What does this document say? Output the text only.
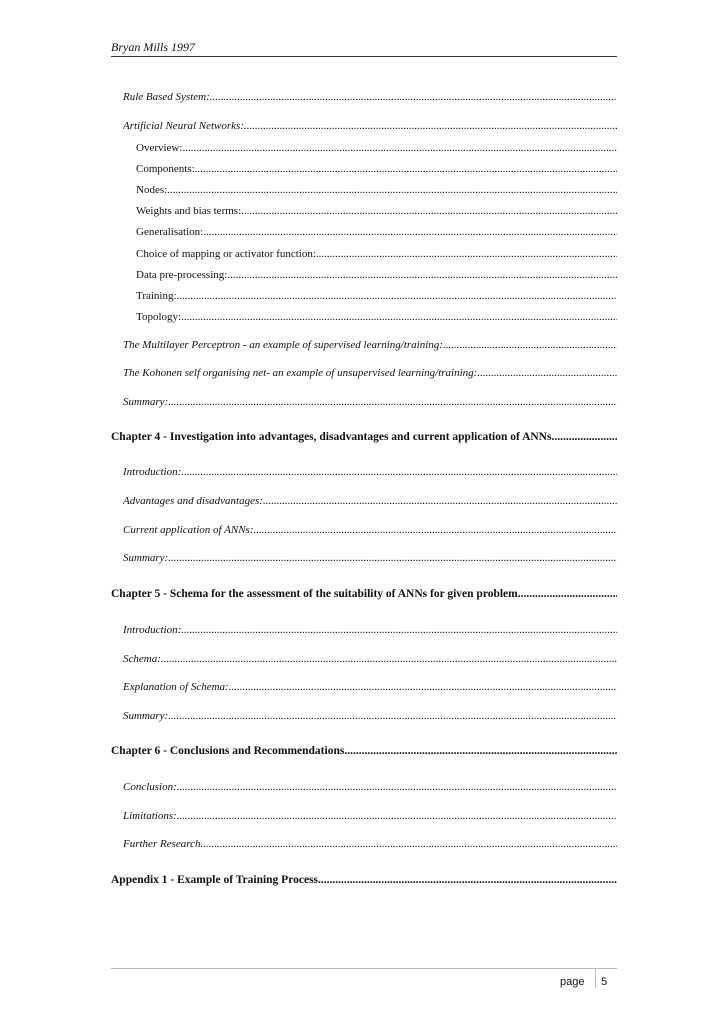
Bryan Mills 1997
Rule Based System:
.....
Artificial Neural Networks:
.....
Overview:
.....
Components:
.....
Nodes:
.....
Weights and bias terms:
.....
Generalisation:
.....
Choice of mapping or activator function:
.....
Data pre-processing:
.....
Training:
.....
Topology:
.....
The Multilayer Perceptron - an example of supervised learning/training:
.....
The Kohonen self organising net- an example of unsupervised learning/training:
.....
Summary:
.....
Chapter 4 - Investigation into advantages, disadvantages and current application of ANNs
.....
Introduction:
.....
Advantages and disadvantages:
.....
Current application of ANNs:
.....
Summary:
.....
Chapter 5 - Schema for the assessment of the suitability of ANNs for given problem
.....
Introduction:
.....
Schema:
.....
Explanation of Schema:
.....
Summary:
.....
Chapter 6 - Conclusions and Recommendations
.....
Conclusion:
.....
Limitations:
.....
Further Research
.....
Appendix 1 - Example of Training Process
.....
page 5
